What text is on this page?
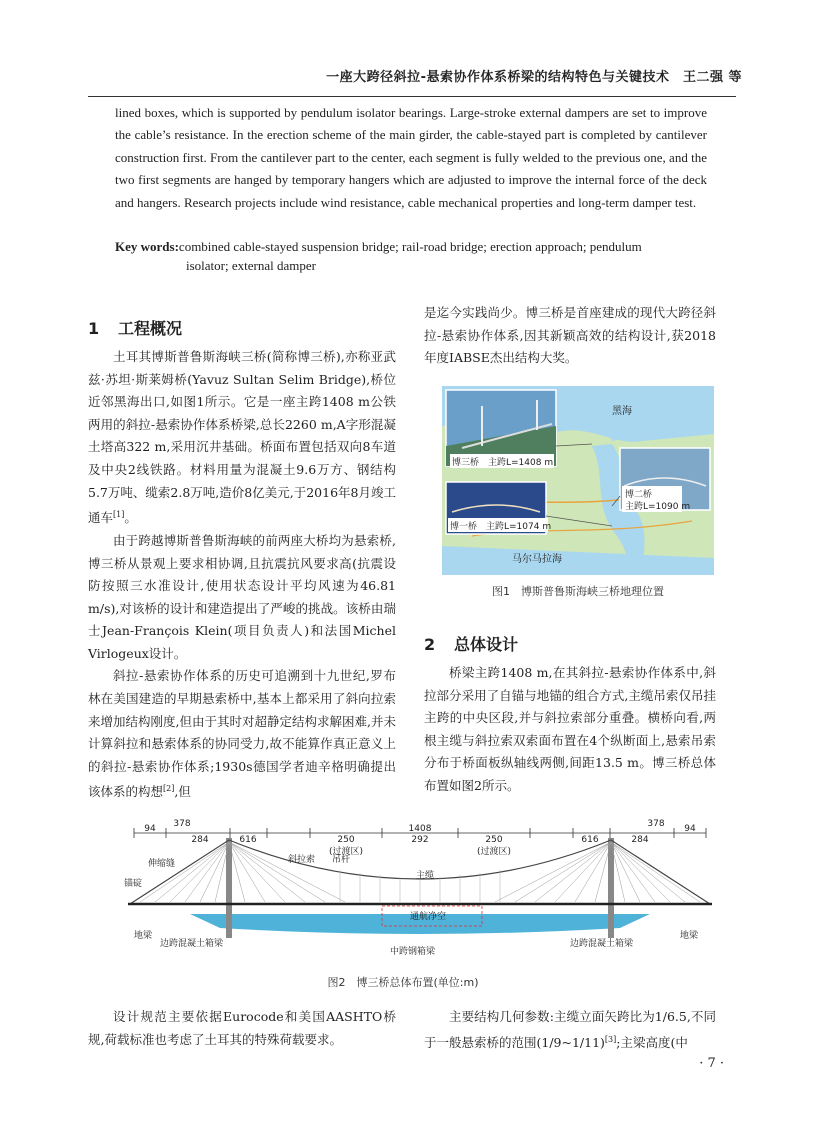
一座大跨径斜拉-悬索协作体系桥梁的结构特色与关键技术　王二强 等
lined boxes, which is supported by pendulum isolator bearings. Large-stroke external dampers are set to improve the cable’s resistance. In the erection scheme of the main girder, the cable-stayed part is completed by cantilever construction first. From the cantilever part to the center, each segment is fully welded to the previous one, and the two first segments are hanged by temporary hangers which are adjusted to improve the internal force of the deck and hangers. Research projects include wind resistance, cable mechanical properties and long-term damper test.
Key words:combined cable-stayed suspension bridge; rail-road bridge; erection approach; pendulum
isolator; external damper
1 工程概况

土耳其博斯普鲁斯海峡三桥(简称博三桥),亦称亚武兹·苏坦·斯莱姆桥(Yavuz Sultan Selim Bridge),桥位近邻黑海出口,如图1所示。它是一座主跨1408 m公铁两用的斜拉-悬索协作体系桥梁,总长2260 m,A字形混凝土塔高322 m,采用沉井基础。桥面布置包括双向8车道及中央2线铁路。材料用量为混凝土9.6万方、钢结构5.7万吨、缆索2.8万吨,造价8亿美元,于2016年8月竣工通车[1]。

由于跨越博斯普鲁斯海峡的前两座大桥均为悬索桥,博三桥从景观上要求相协调,且抗震抗风要求高(抗震设防按照三水准设计,使用状态设计平均风速为46.81 m/s),对该桥的设计和建造提出了严峻的挑战。该桥由瑞士Jean-François Klein(项目负责人)和法国Michel Virlogeux设计。

斜拉-悬索协作体系的历史可追溯到十九世纪,罗布林在美国建造的早期悬索桥中,基本上都采用了斜向拉索来增加结构刚度,但由于其时对超静定结构求解困难,并未计算斜拉和悬索体系的协同受力,故不能算作真正意义上的斜拉-悬索协作体系;1930s德国学者迪辛格明确提出该体系的构想[2],但

是迄今实践尚少。博三桥是首座建成的现代大跨径斜拉-悬索协作体系,因其新颖高效的结构设计,获2018年度IABSE杰出结构大奖。

黑海
博三桥　主跨L=1408 m
博二桥
主跨L=1090 m
博一桥　主跨L=1074 m
马尔马拉海
图1　博斯普鲁斯海峡三桥地理位置
2 总体设计

桥梁主跨1408 m,在其斜拉-悬索协作体系中,斜拉部分采用了自锚与地锚的组合方式,主缆吊索仅吊挂主跨的中央区段,并与斜拉索部分重叠。横桥向看,两根主缆与斜拉索双索面布置在4个纵断面上,悬索吊索分布于桥面板纵轴线两侧,间距13.5 m。博三桥总体布置如图2所示。

94 378
284	616	250
1408
292	250	616	284
378 94
(过渡区)	(过渡区)
伸缩缝
锚碇
斜拉索 吊杆
主缆
通航净空
地梁	地梁
边跨混凝土箱梁	边跨混凝土箱梁
中跨钢箱梁
图2　博三桥总体布置(单位:m)

设计规范主要依据Eurocode和美国AASHTO桥规,荷载标准也考虑了土耳其的特殊荷载要求。

主要结构几何参数:主缆立面矢跨比为1/6.5,不同于一般悬索桥的范围(1/9~1/11)[3];主梁高度(中

· 7 ·
